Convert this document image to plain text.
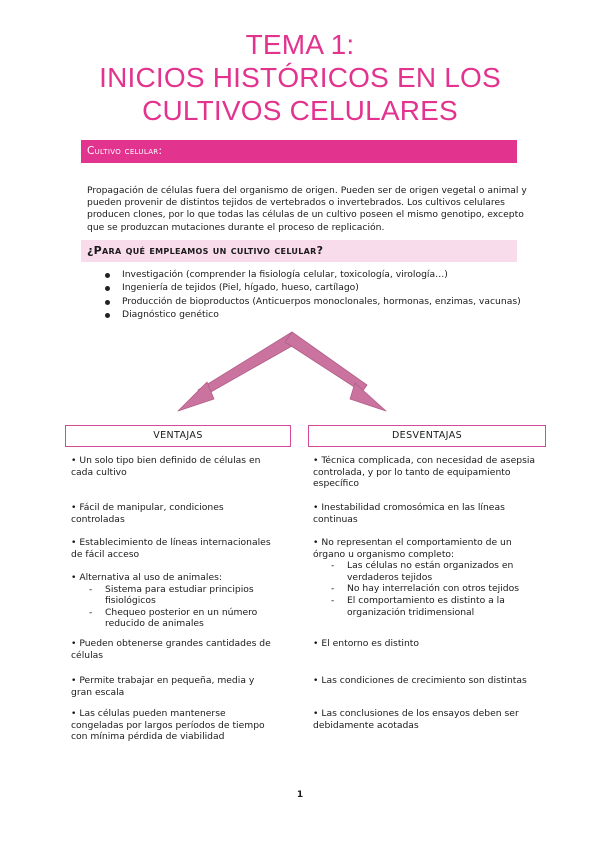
TEMA 1:
INICIOS HISTÓRICOS EN LOS
CULTIVOS CELULARES
Cultivo celular:

Propagación de células fuera del organismo de origen. Pueden ser de origen vegetal o animal y pueden provenir de distintos tejidos de vertebrados o invertebrados. Los cultivos celulares producen clones, por lo que todas las células de un cultivo poseen el mismo genotipo, excepto que se produzcan mutaciones durante el proceso de replicación.

¿Para qué empleamos un cultivo celular?
Investigación (comprender la fisiología celular, toxicología, virología…)
Ingeniería de tejidos (Piel, hígado, hueso, cartílago)
Producción de bioproductos (Anticuerpos monoclonales, hormonas, enzimas, vacunas)
Diagnóstico genético
VENTAJAS	DESVENTAJAS
• Un solo tipo bien definido de células en cada cultivo
• Fácil de manipular, condiciones controladas
• Establecimiento de líneas internacionales de fácil acceso
• Alternativa al uso de animales:
- Sistema para estudiar principios fisiológicos
- Chequeo posterior en un número reducido de animales
• Pueden obtenerse grandes cantidades de células
• Permite trabajar en pequeña, media y gran escala
• Las células pueden mantenerse congeladas por largos períodos de tiempo con mínima pérdida de viabilidad
• Técnica complicada, con necesidad de asepsia controlada, y por lo tanto de equipamiento específico
• Inestabilidad cromosómica en las líneas continuas
• No representan el comportamiento de un órgano u organismo completo:
- Las células no están organizados en verdaderos tejidos
- No hay interrelación con otros tejidos
- El comportamiento es distinto a la organización tridimensional
• El entorno es distinto
• Las condiciones de crecimiento son distintas
• Las conclusiones de los ensayos deben ser debidamente acotadas
1
